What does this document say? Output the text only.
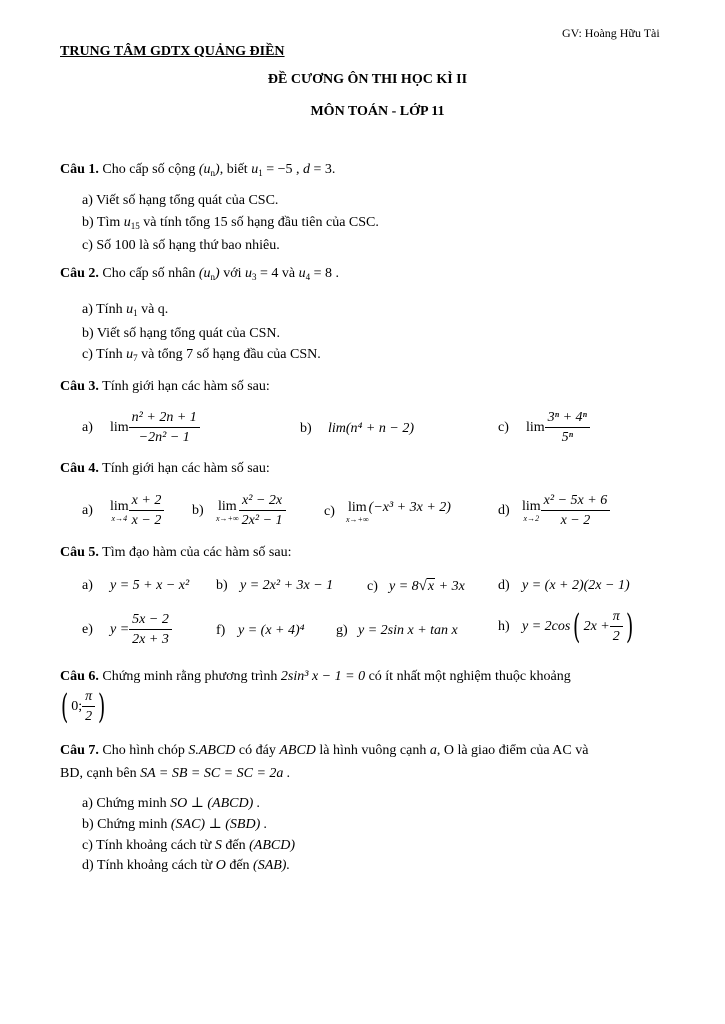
GV: Hoàng Hữu Tài
TRUNG TÂM GDTX QUẢNG ĐIỀN
ĐỀ CƯƠNG ÔN THI HỌC KÌ II
MÔN TOÁN - LỚP 11
Câu 1. Cho cấp số cộng $(u_n)$, biết $u_1 = -5$ , d = 3.
a) Viết số hạng tổng quát của CSC.
b) Tìm $u_{15}$ và tính tổng 15 số hạng đầu tiên của CSC.
c) Số 100 là số hạng thứ bao nhiêu.
Câu 2. Cho cấp số nhân $(u_n)$ với $u_3 = 4$ và $u_4 = 8$ .
a) Tính $u_1$ và q.
b) Viết số hạng tổng quát của CSN.
c) Tính $u_7$ và tổng 7 số hạng đầu của CSN.
Câu 3. Tính giới hạn các hàm số sau:
a)	$\lim \frac{\text{n² + 2n + 1}}{\text{−2n² − 1}}$	b) lim(n⁴ + n − 2)	c)	$\lim \frac{\text{3ⁿ + 4ⁿ}}{\text{5ⁿ}}$
Câu 4. Tính giới hạn các hàm số sau:
a)	lim
$x\to 4 \frac{x + 2}{x - 2} b$)	lim
$x\to+\infty \frac{\text{x² − 2x}}{\text{2x² − 1}}$	c) lim
x→+∞
(−x³ + 3x + 2)	d) lim
$x\to 2 \frac{\text{x² − 5x + 6}}{x - 2}$
Câu 5. Tìm đạo hàm của các hàm số sau:
a) y = 5 + x − x² b) y = 2x² + 3x − 1 c) y = 8√x + 3x d) y = (x + 2)(2x − 1)
e)	$y = \frac{5x - 2}{2x + 3}$	f) y = (x + 4)⁴ g) y = 2sin x + tan x	h) y = 2cos ( $2x + \frac{\pi}{2}$ )
Câu 6. Chứng minh rằng phương trình 2sin³ x − 1 = 0 có ít nhất một nghiệm thuộc khoảng
( 0; $\frac{\pi}{2}$ )
Câu 7. Cho hình chóp S.ABCD có đáy ABCD là hình vuông cạnh a, O là giao điểm của AC và
BD, cạnh bên SA = SB = SC = SC = 2a .
a) Chứng minh SO ⊥ (ABCD) .
b) Chứng minh (SAC) ⊥ (SBD) .
c) Tính khoảng cách từ S đến (ABCD)
d) Tính khoảng cách từ O đến (SAB).
